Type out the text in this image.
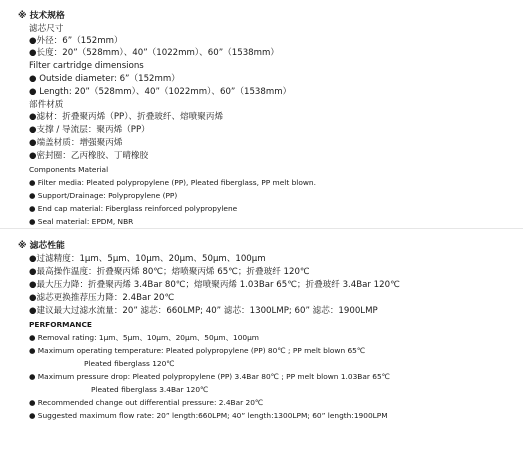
※ 技术规格
滤芯尺寸
●外径：6”（152mm）
●长度：20”（528mm）、40”（1022mm）、60”（1538mm）
Filter cartridge dimensions
● Outside diameter: 6”（152mm）
● Length: 20”（528mm）、40”（1022mm）、60”（1538mm）
部件材质
●滤材：折叠聚丙烯（PP）、折叠玻纤、熔喷聚丙烯
●支撑 / 导流层：聚丙烯（PP）
●端盖材质：增强聚丙烯
●密封圈：乙丙橡胶、丁晴橡胶
Components Material
● Filter media: Pleated polypropylene (PP), Pleated fiberglass, PP melt blown.
● Support/Drainage: Polypropylene (PP)
● End cap material: Fiberglass reinforced polypropylene
● Seal material: EPDM, NBR
※ 滤芯性能
●过滤精度：1μm、5μm、10μm、20μm、50μm、100μm
●最高操作温度：折叠聚丙烯 80℃；熔喷聚丙烯 65℃；折叠玻纤 120℃
●最大压力降：折叠聚丙烯 3.4Bar 80℃；熔喷聚丙烯 1.03Bar 65℃；折叠玻纤 3.4Bar 120℃
●滤芯更换推荐压力降：2.4Bar 20℃
●建议最大过滤水流量：20” 滤芯：660LMP; 40” 滤芯：1300LMP; 60” 滤芯：1900LMP
PERFORMANCE
● Removal rating: 1μm、5μm、10μm、20μm、50μm、100μm
● Maximum operating temperature: Pleated polypropylene (PP) 80℃ ; PP melt blown 65℃
Pleated fiberglass 120℃
● Maximum pressure drop: Pleated polypropylene (PP) 3.4Bar 80℃ ; PP melt blown 1.03Bar 65℃
Pleated fiberglass 3.4Bar 120℃
● Recommended change out differential pressure: 2.4Bar 20℃
● Suggested maximum flow rate: 20” length:660LPM; 40” length:1300LPM; 60” length:1900LPM
